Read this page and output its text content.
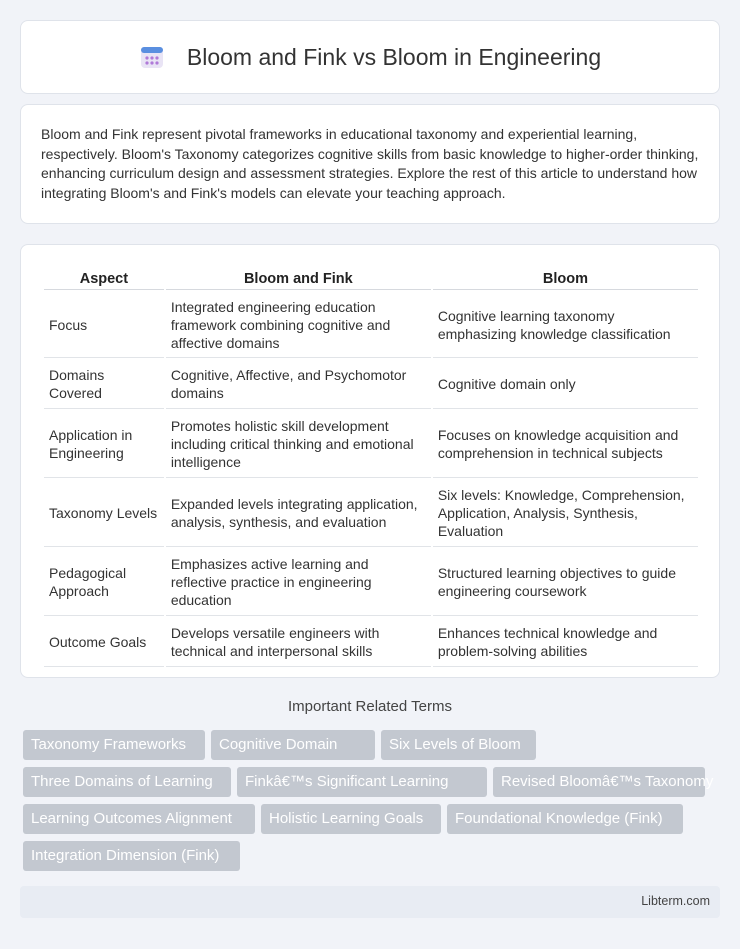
Bloom and Fink vs Bloom in Engineering

Bloom and Fink represent pivotal frameworks in educational taxonomy and experiential learning, respectively. Bloom's Taxonomy categorizes cognitive skills from basic knowledge to higher-order thinking, enhancing curriculum design and assessment strategies. Explore the rest of this article to understand how integrating Bloom's and Fink's models can elevate your teaching approach.

Aspect	Bloom and Fink	Bloom
Focus	Integrated engineering education framework combining cognitive and affective domains	Cognitive learning taxonomy emphasizing knowledge classification
Domains Covered	Cognitive, Affective, and Psychomotor domains	Cognitive domain only
Application in Engineering	Promotes holistic skill development including critical thinking and emotional intelligence	Focuses on knowledge acquisition and comprehension in technical subjects
Taxonomy Levels	Expanded levels integrating application, analysis, synthesis, and evaluation	Six levels: Knowledge, Comprehension, Application, Analysis, Synthesis, Evaluation
Pedagogical Approach	Emphasizes active learning and reflective practice in engineering education	Structured learning objectives to guide engineering coursework
Outcome Goals	Develops versatile engineers with technical and interpersonal skills	Enhances technical knowledge and problem-solving abilities
Important Related Terms
Taxonomy Frameworks	Cognitive Domain	Six Levels of Bloom
Three Domains of Learning	Finkâ€™s Significant Learning	Revised Bloomâ€™s Taxonomy
Learning Outcomes Alignment	Holistic Learning Goals	Foundational Knowledge (Fink)
Integration Dimension (Fink)
Libterm.com
